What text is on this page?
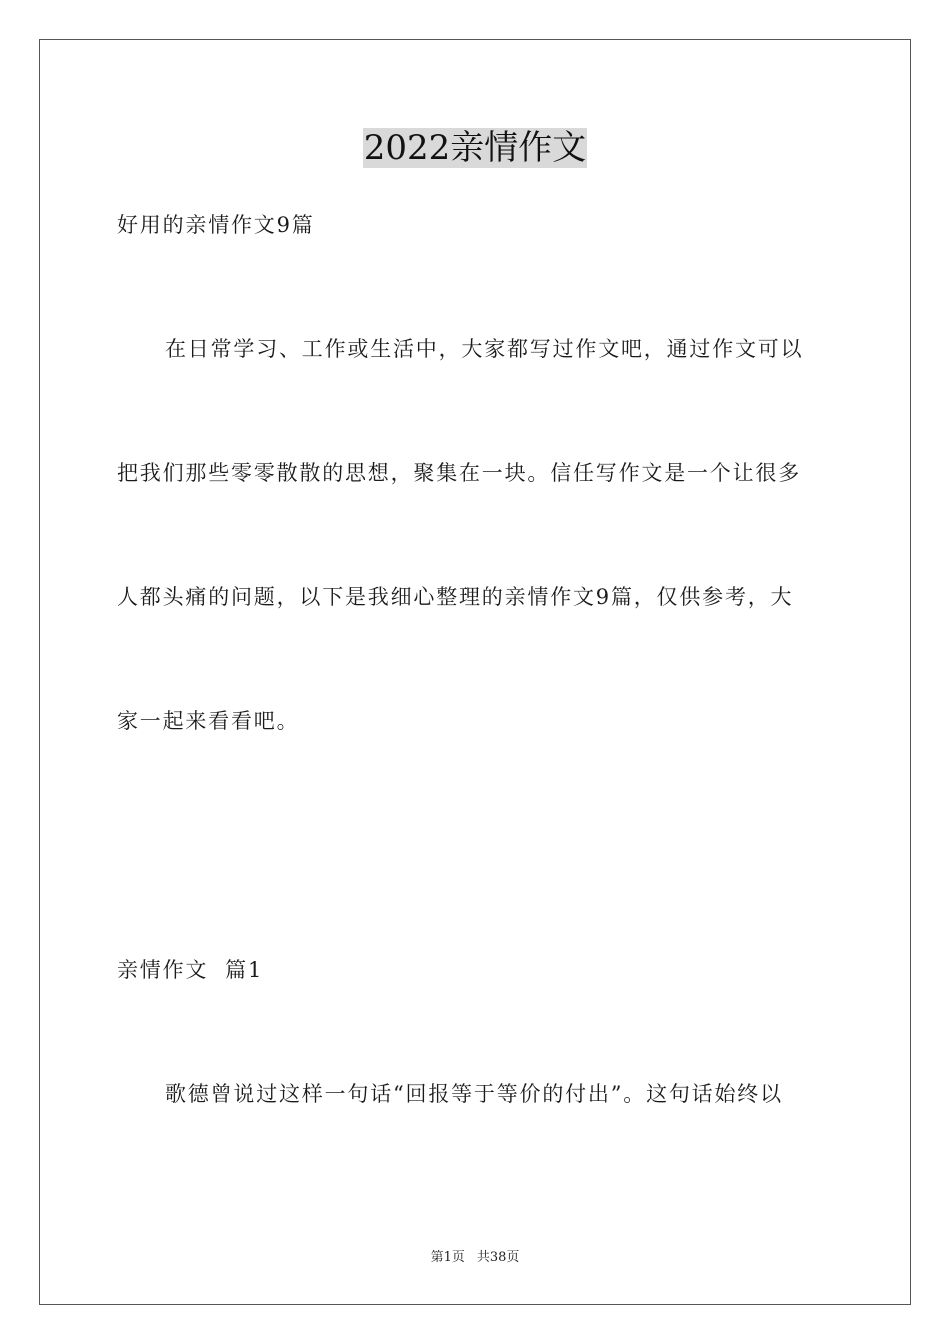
2022亲情作文
好用的亲情作文9篇
在日常学习、工作或生活中，大家都写过作文吧，通过作文可以
把我们那些零零散散的思想，聚集在一块。信任写作文是一个让很多
人都头痛的问题，以下是我细心整理的亲情作文9篇，仅供参考，大
家一起来看看吧。
亲情作文  篇1
歌德曾说过这样一句话“回报等于等价的付出”。这句话始终以
第1页 共38页
